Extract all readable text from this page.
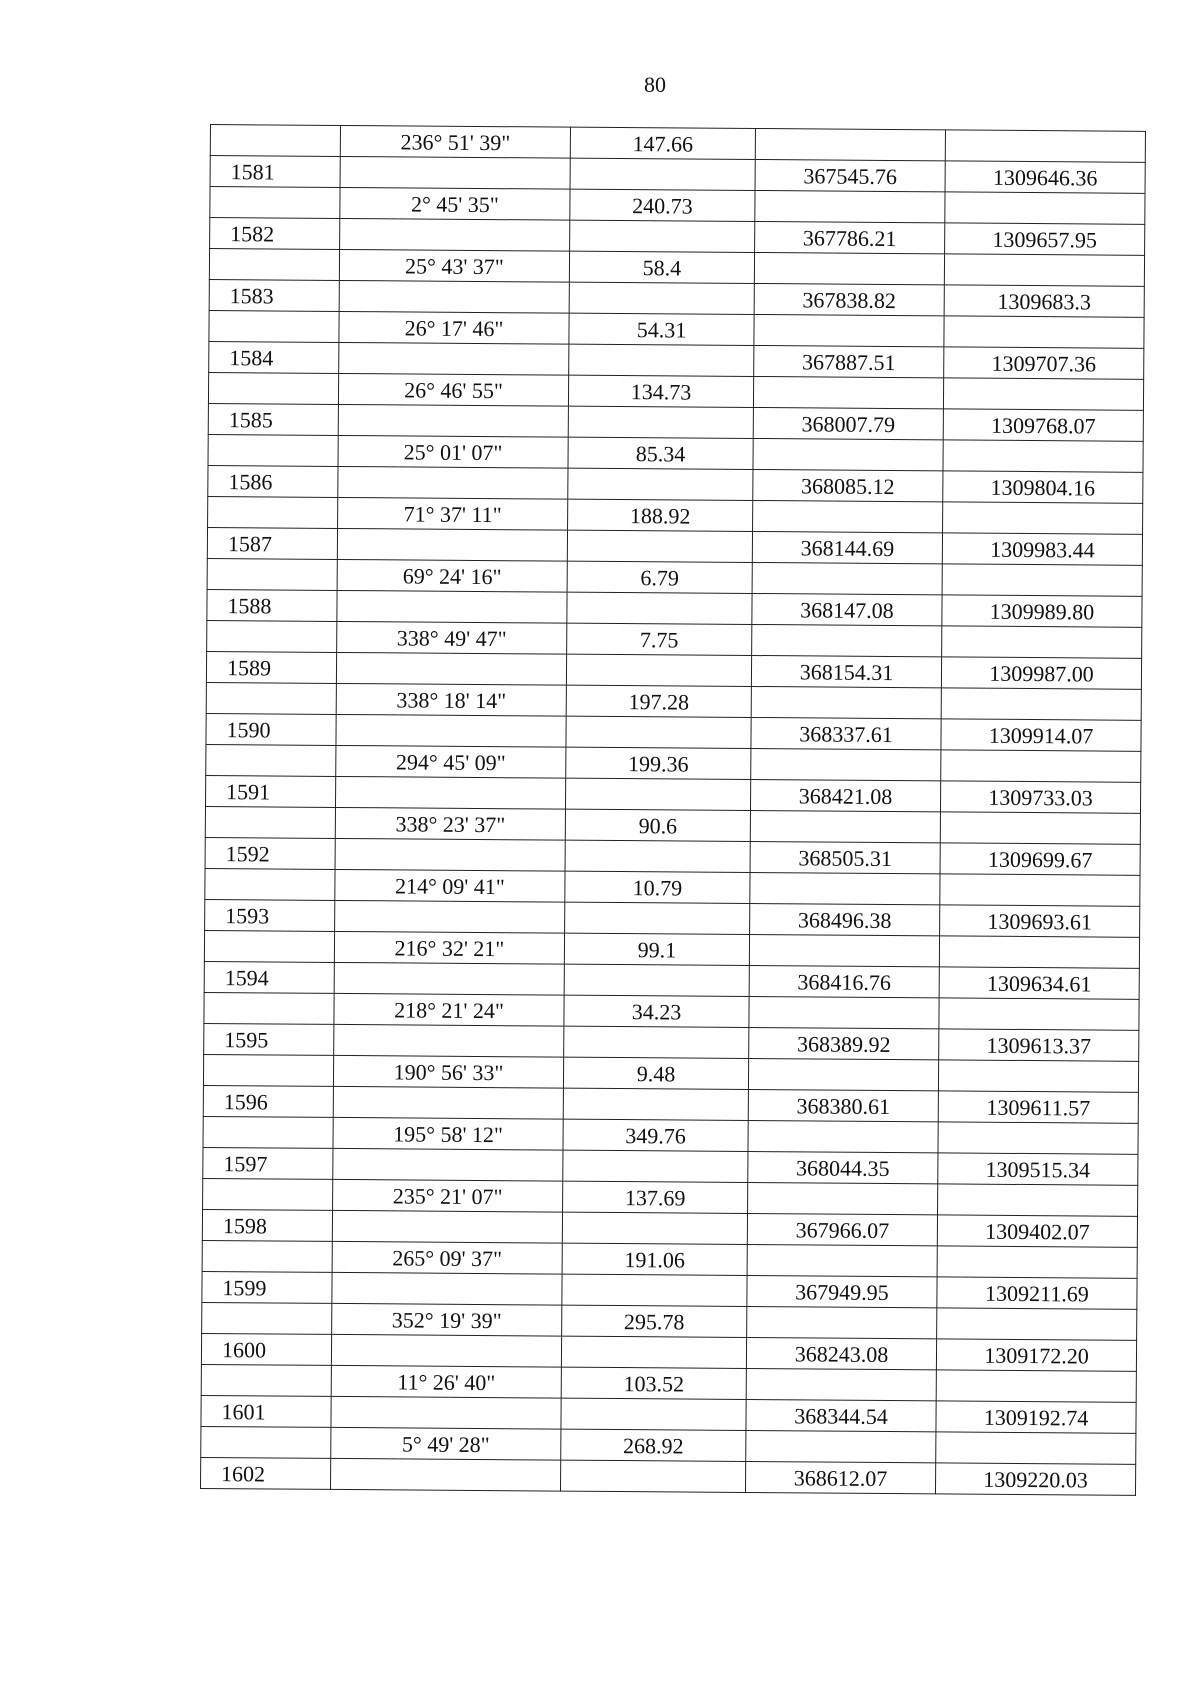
80
	236° 51' 39"	147.66		
1581			367545.76	1309646.36
	2° 45' 35"	240.73		
1582			367786.21	1309657.95
	25° 43' 37"	58.4		
1583			367838.82	1309683.3
	26° 17' 46"	54.31		
1584			367887.51	1309707.36
	26° 46' 55"	134.73		
1585			368007.79	1309768.07
	25° 01' 07"	85.34		
1586			368085.12	1309804.16
	71° 37' 11"	188.92		
1587			368144.69	1309983.44
	69° 24' 16"	6.79		
1588			368147.08	1309989.80
	338° 49' 47"	7.75		
1589			368154.31	1309987.00
	338° 18' 14"	197.28		
1590			368337.61	1309914.07
	294° 45' 09"	199.36		
1591			368421.08	1309733.03
	338° 23' 37"	90.6		
1592			368505.31	1309699.67
	214° 09' 41"	10.79		
1593			368496.38	1309693.61
	216° 32' 21"	99.1		
1594			368416.76	1309634.61
	218° 21' 24"	34.23		
1595			368389.92	1309613.37
	190° 56' 33"	9.48		
1596			368380.61	1309611.57
	195° 58' 12"	349.76		
1597			368044.35	1309515.34
	235° 21' 07"	137.69		
1598			367966.07	1309402.07
	265° 09' 37"	191.06		
1599			367949.95	1309211.69
	352° 19' 39"	295.78		
1600			368243.08	1309172.20
	11° 26' 40"	103.52		
1601			368344.54	1309192.74
	5° 49' 28"	268.92		
1602			368612.07	1309220.03
